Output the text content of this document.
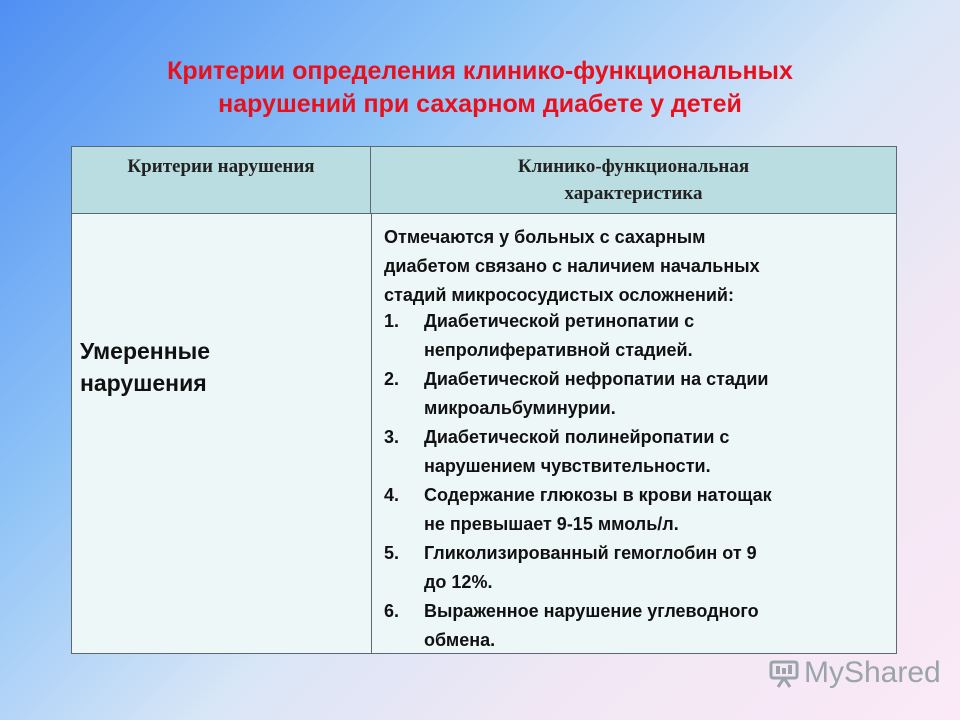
Критерии определения клинико-функциональных
нарушений при сахарном диабете у детей
Критерии нарушения	Клинико-функциональная
характеристика
Умеренные
нарушения
Отмечаются у больных с сахарным
диабетом связано с наличием начальных
стадий микрососудистых осложнений:
1. Диабетической ретинопатии с
непролиферативной стадией.
2. Диабетической нефропатии на стадии
микроальбуминурии.
3. Диабетической полинейропатии с
нарушением чувствительности.
4. Содержание глюкозы в крови натощак
не превышает 9-15 ммоль/л.
5. Гликолизированный гемоглобин от 9
до 12%.
6. Выраженное нарушение углеводного
обмена.
MyShared
